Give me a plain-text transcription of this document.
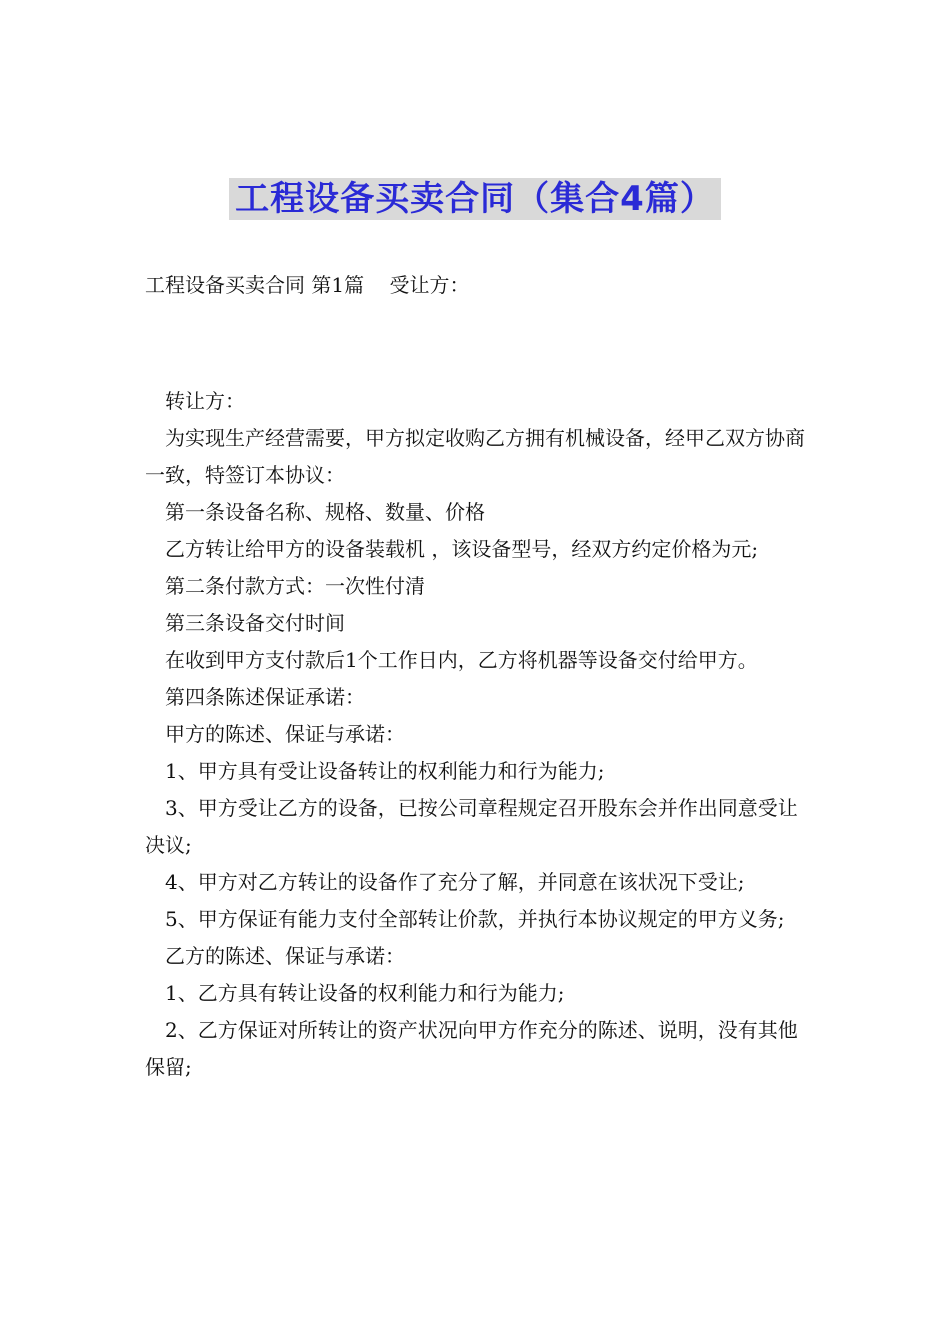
工程设备买卖合同（集合4篇）
工程设备买卖合同 第1篇    受让方：

转让方：

为实现生产经营需要，甲方拟定收购乙方拥有机械设备，经甲乙双方协商一致，特签订本协议：

第一条设备名称、规格、数量、价格

乙方转让给甲方的设备装载机 ，该设备型号，经双方约定价格为元;

第二条付款方式：一次性付清

第三条设备交付时间

在收到甲方支付款后1个工作日内，乙方将机器等设备交付给甲方。

第四条陈述保证承诺：

甲方的陈述、保证与承诺：

1、甲方具有受让设备转让的权利能力和行为能力;

3、甲方受让乙方的设备，已按公司章程规定召开股东会并作出同意受让决议;

4、甲方对乙方转让的设备作了充分了解，并同意在该状况下受让;

5、甲方保证有能力支付全部转让价款，并执行本协议规定的甲方义务;

乙方的陈述、保证与承诺：

1、乙方具有转让设备的权利能力和行为能力;

2、乙方保证对所转让的资产状况向甲方作充分的陈述、说明，没有其他保留;
